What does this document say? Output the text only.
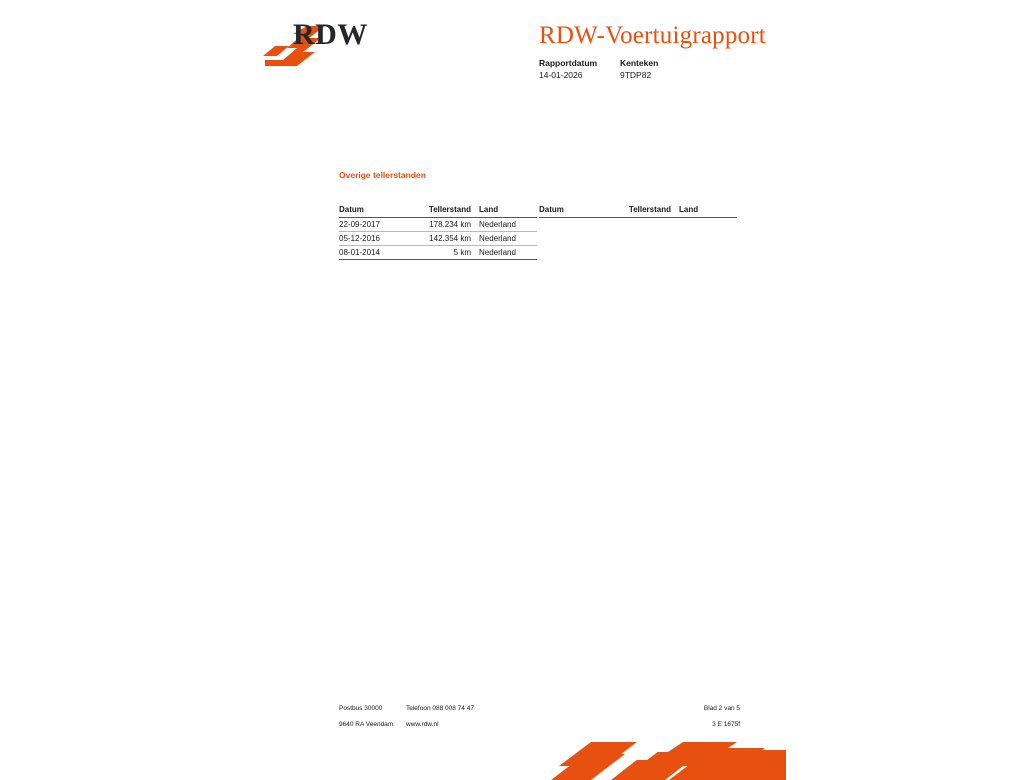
RDW	RDW-Voertuigrapport
Rapportdatum
14-01-2026
Kenteken
9TDP82
Overige tellerstanden
Datum	Tellerstand	Land
22-09-2017	178.234 km	Nederland
05-12-2016	142.354 km	Nederland
08-01-2014	5 km	Nederland
Datum	Tellerstand	Land
Postbus 30000
9640 RA Veendam
Telefoon 088 008 74 47
www.rdw.nl
Blad 2 van 5
3 E 1675f
